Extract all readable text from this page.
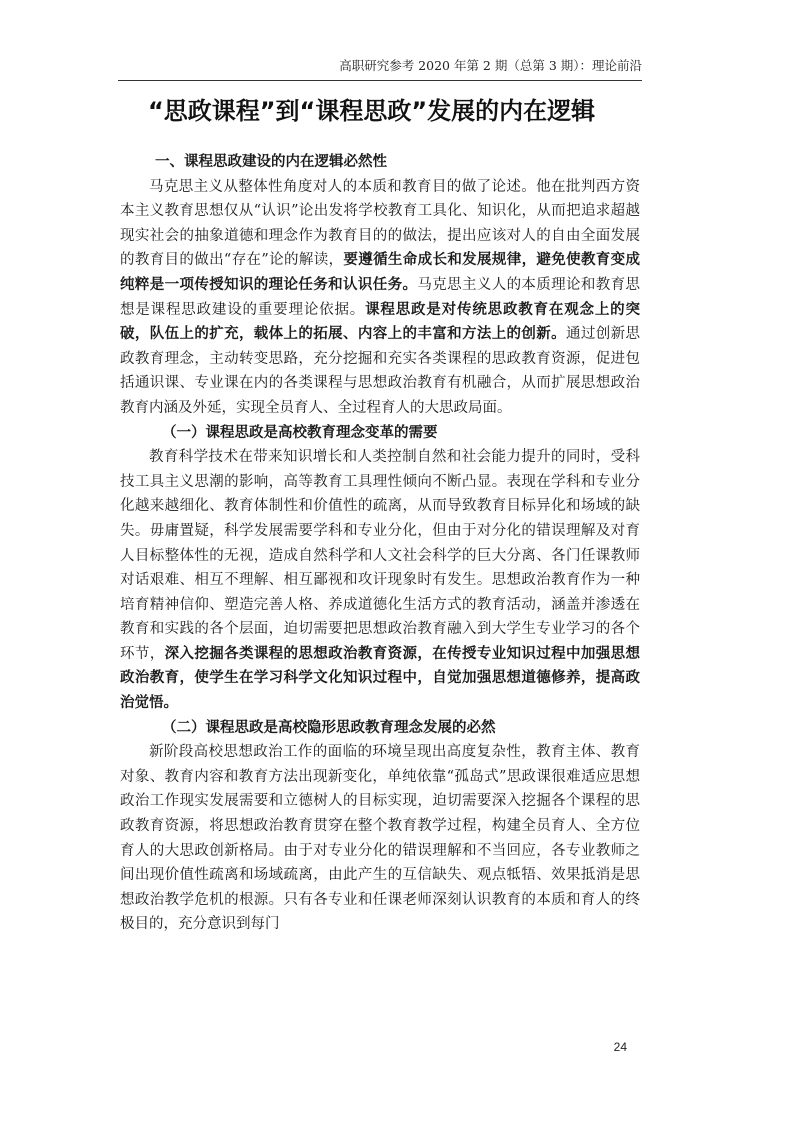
高职研究参考 2020 年第 2 期（总第 3 期）：理论前沿
“思政课程”到“课程思政”发展的内在逻辑
一、课程思政建设的内在逻辑必然性

马克思主义从整体性角度对人的本质和教育目的做了论述。他在批判西方资本主义教育思想仅从“认识”论出发将学校教育工具化、知识化，从而把追求超越现实社会的抽象道德和理念作为教育目的的做法，提出应该对人的自由全面发展的教育目的做出“存在”论的解读，要遵循生命成长和发展规律，避免使教育变成纯粹是一项传授知识的理论任务和认识任务。马克思主义人的本质理论和教育思想是课程思政建设的重要理论依据。课程思政是对传统思政教育在观念上的突破，队伍上的扩充，载体上的拓展、内容上的丰富和方法上的创新。通过创新思政教育理念，主动转变思路，充分挖掘和充实各类课程的思政教育资源，促进包括通识课、专业课在内的各类课程与思想政治教育有机融合，从而扩展思想政治教育内涵及外延，实现全员育人、全过程育人的大思政局面。

（一）课程思政是高校教育理念变革的需要

教育科学技术在带来知识增长和人类控制自然和社会能力提升的同时，受科技工具主义思潮的影响，高等教育工具理性倾向不断凸显。表现在学科和专业分化越来越细化、教育体制性和价值性的疏离，从而导致教育目标异化和场域的缺失。毋庸置疑，科学发展需要学科和专业分化，但由于对分化的错误理解及对育人目标整体性的无视，造成自然科学和人文社会科学的巨大分离、各门任课教师对话艰难、相互不理解、相互鄙视和攻讦现象时有发生。思想政治教育作为一种培育精神信仰、塑造完善人格、养成道德化生活方式的教育活动，涵盖并渗透在教育和实践的各个层面，迫切需要把思想政治教育融入到大学生专业学习的各个环节，深入挖掘各类课程的思想政治教育资源，在传授专业知识过程中加强思想政治教育，使学生在学习科学文化知识过程中，自觉加强思想道德修养，提高政治觉悟。

（二）课程思政是高校隐形思政教育理念发展的必然

新阶段高校思想政治工作的面临的环境呈现出高度复杂性，教育主体、教育对象、教育内容和教育方法出现新变化，单纯依靠“孤岛式”思政课很难适应思想政治工作现实发展需要和立德树人的目标实现，迫切需要深入挖掘各个课程的思政教育资源，将思想政治教育贯穿在整个教育教学过程，构建全员育人、全方位育人的大思政创新格局。由于对专业分化的错误理解和不当回应，各专业教师之间出现价值性疏离和场域疏离，由此产生的互信缺失、观点牴牾、效果抵消是思想政治教学危机的根源。只有各专业和任课老师深刻认识教育的本质和育人的终极目的，充分意识到每门

24
